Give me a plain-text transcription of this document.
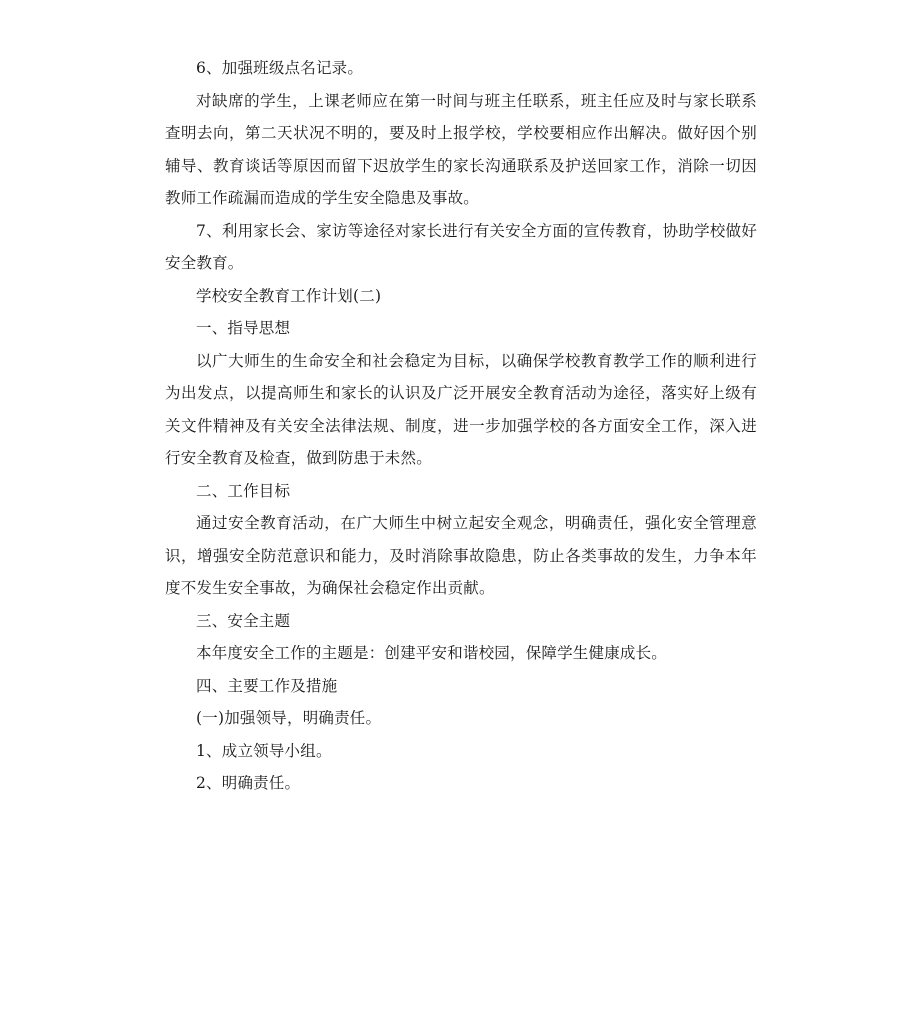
6、加强班级点名记录。

对缺席的学生，上课老师应在第一时间与班主任联系，班主任应及时与家长联系查明去向，第二天状况不明的，要及时上报学校，学校要相应作出解决。做好因个别辅导、教育谈话等原因而留下迟放学生的家长沟通联系及护送回家工作，消除一切因教师工作疏漏而造成的学生安全隐患及事故。

7、利用家长会、家访等途径对家长进行有关安全方面的宣传教育，协助学校做好安全教育。

学校安全教育工作计划(二)

一、指导思想

以广大师生的生命安全和社会稳定为目标，以确保学校教育教学工作的顺利进行为出发点，以提高师生和家长的认识及广泛开展安全教育活动为途径，落实好上级有关文件精神及有关安全法律法规、制度，进一步加强学校的各方面安全工作，深入进行安全教育及检查，做到防患于未然。

二、工作目标

通过安全教育活动，在广大师生中树立起安全观念，明确责任，强化安全管理意识，增强安全防范意识和能力，及时消除事故隐患，防止各类事故的发生，力争本年度不发生安全事故，为确保社会稳定作出贡献。

三、安全主题

本年度安全工作的主题是：创建平安和谐校园，保障学生健康成长。

四、主要工作及措施

(一)加强领导，明确责任。

1、成立领导小组。

2、明确责任。
